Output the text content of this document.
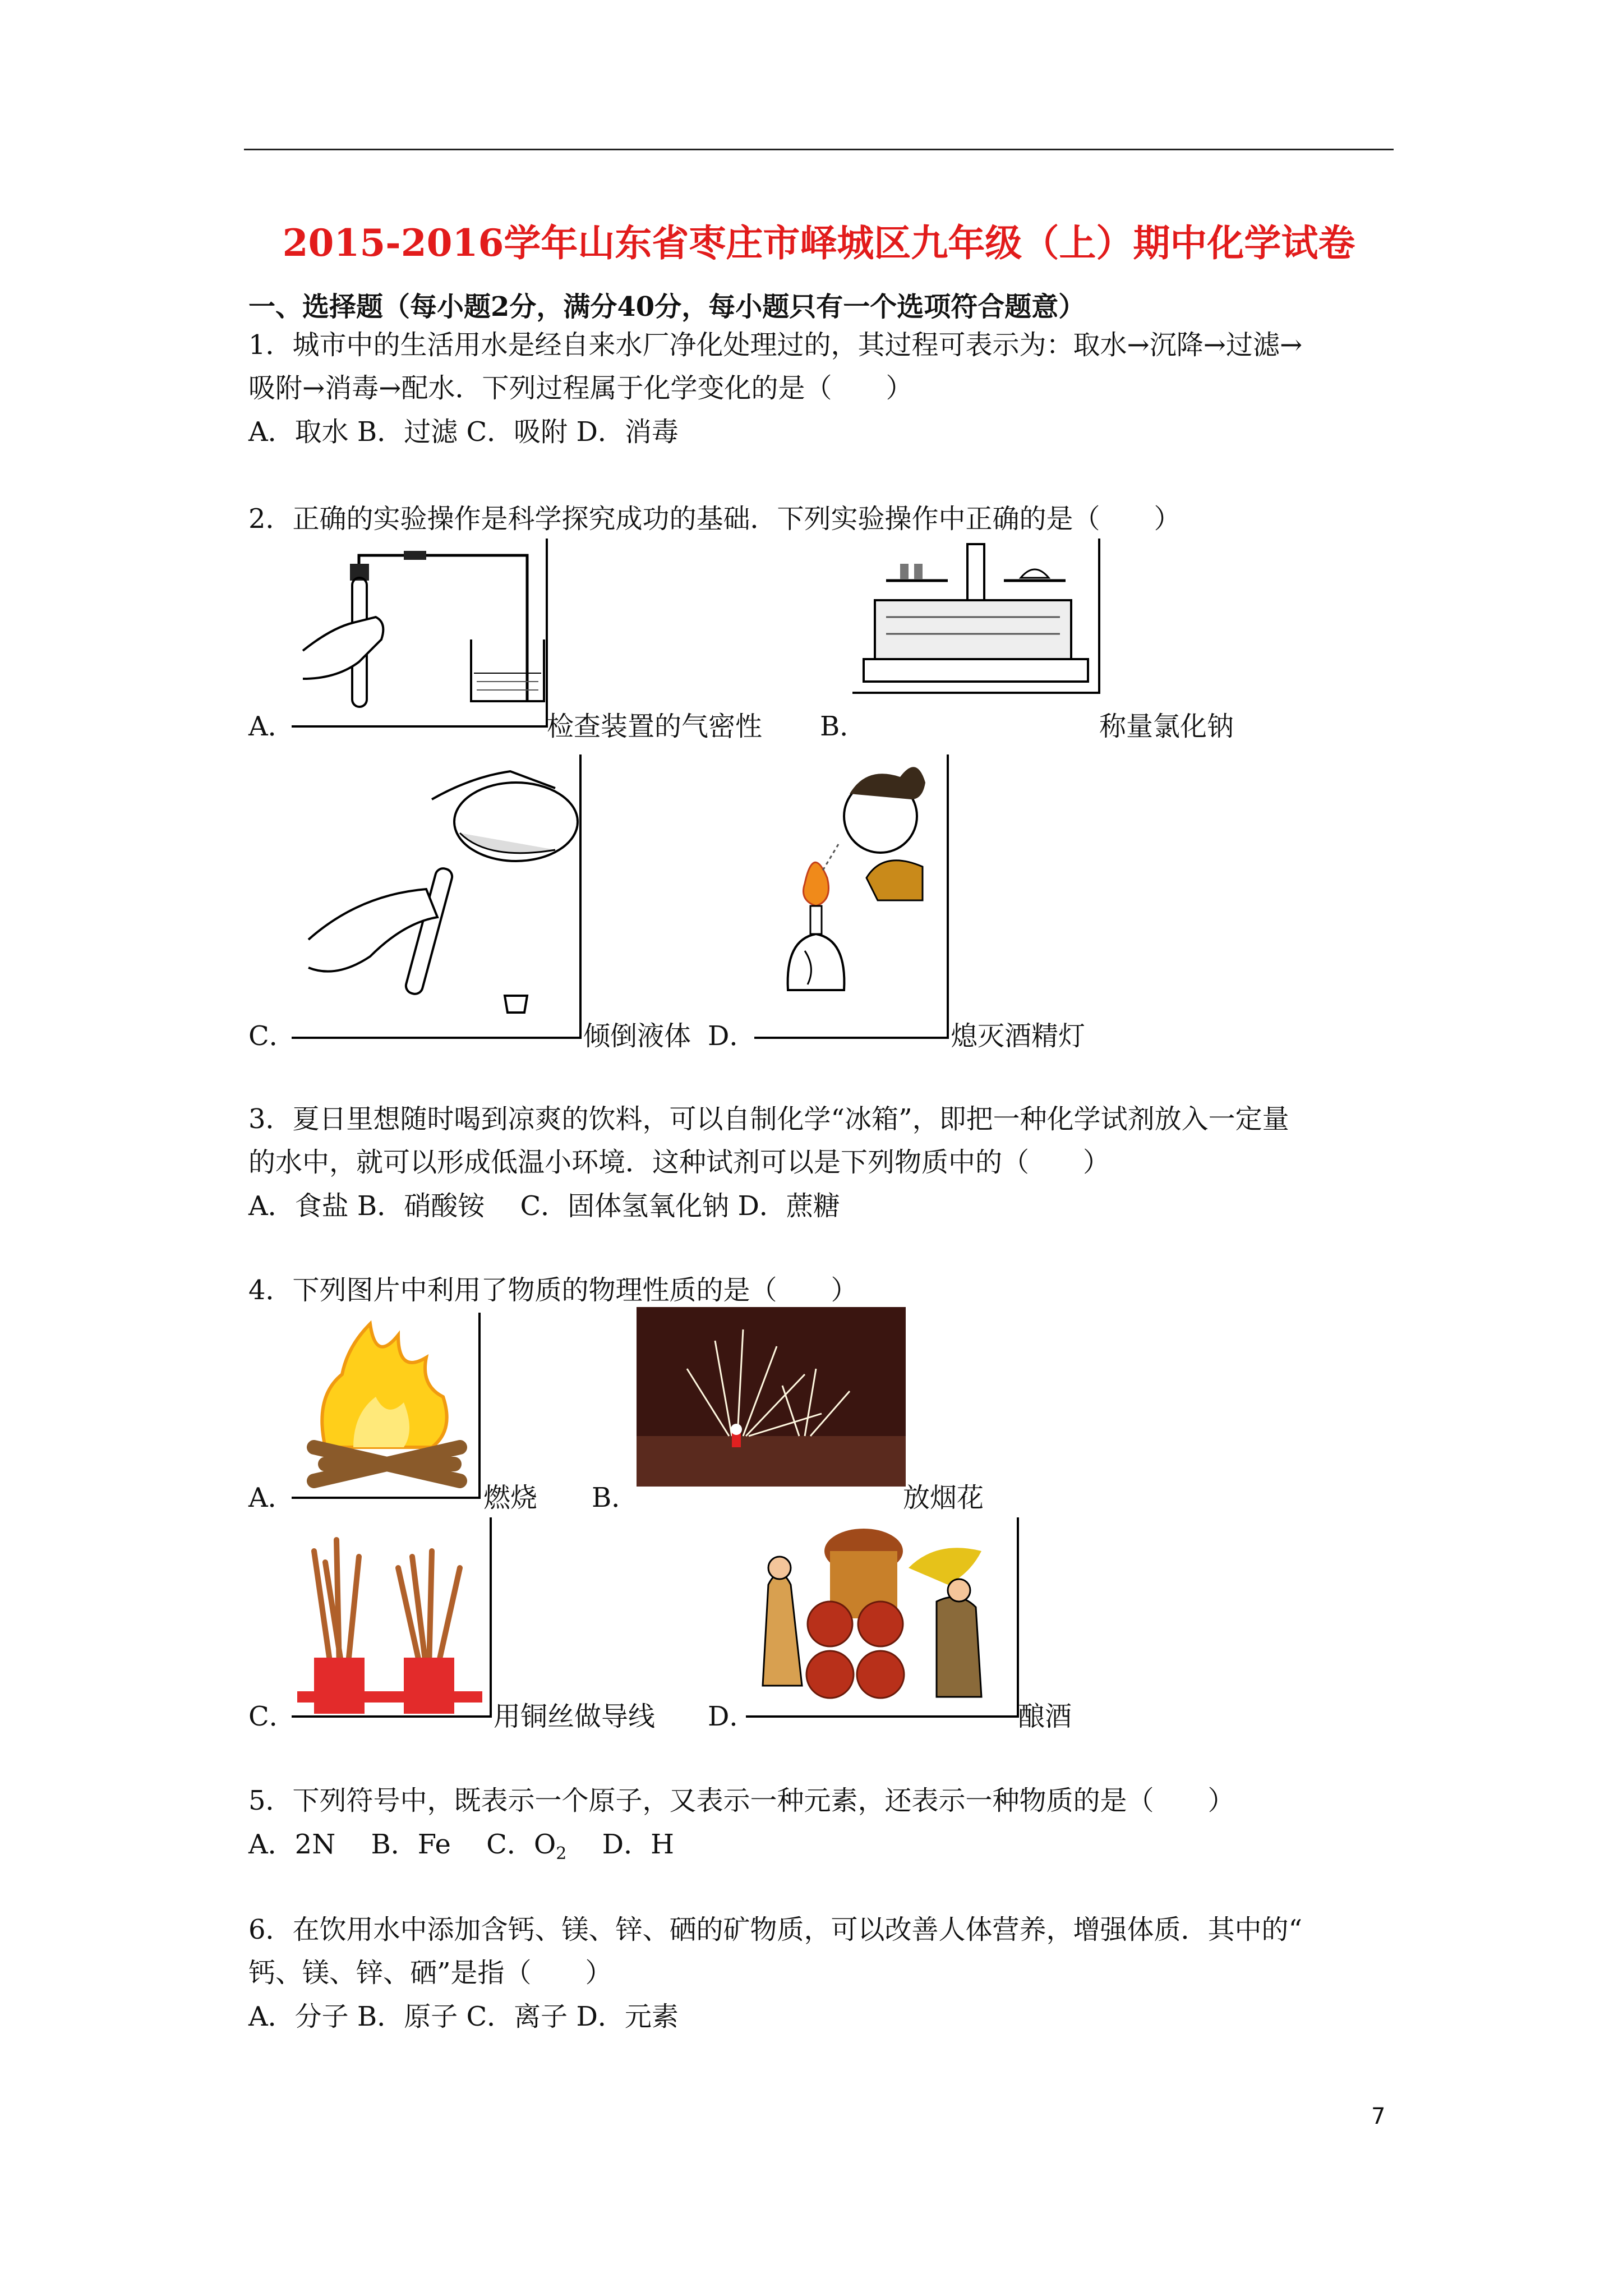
2015-2016学年山东省枣庄市峄城区九年级（上）期中化学试卷
一、选择题（每小题2分，满分40分，每小题只有一个选项符合题意）
1．城市中的生活用水是经自来水厂净化处理过的，其过程可表示为：取水→沉降→过滤→
吸附→消毒→配水．下列过程属于化学变化的是（　　）
A．取水 B．过滤 C．吸附 D．消毒
2．正确的实验操作是科学探究成功的基础．下列实验操作中正确的是（　　）
A．	检查装置的气密性 B．	称量氯化钠
C．	倾倒液体 D．	熄灭酒精灯
3．夏日里想随时喝到凉爽的饮料，可以自制化学“冰箱”，即把一种化学试剂放入一定量
的水中，就可以形成低温小环境．这种试剂可以是下列物质中的（　　）
A．食盐 B．硝酸铵　 C．固体氢氧化钠 D．蔗糖
4．下列图片中利用了物质的物理性质的是（　　）
A．	燃烧 B．	放烟花
C．	用铜丝做导线 D．	酿酒
5．下列符号中，既表示一个原子，又表示一种元素，还表示一种物质的是（　　）
A．2N　 B．Fe　 C．$O_2$　 D．H
6．在饮用水中添加含钙、镁、锌、硒的矿物质，可以改善人体营养，增强体质．其中的“
钙、镁、锌、硒”是指（　　）
A．分子 B．原子 C．离子 D．元素
7
